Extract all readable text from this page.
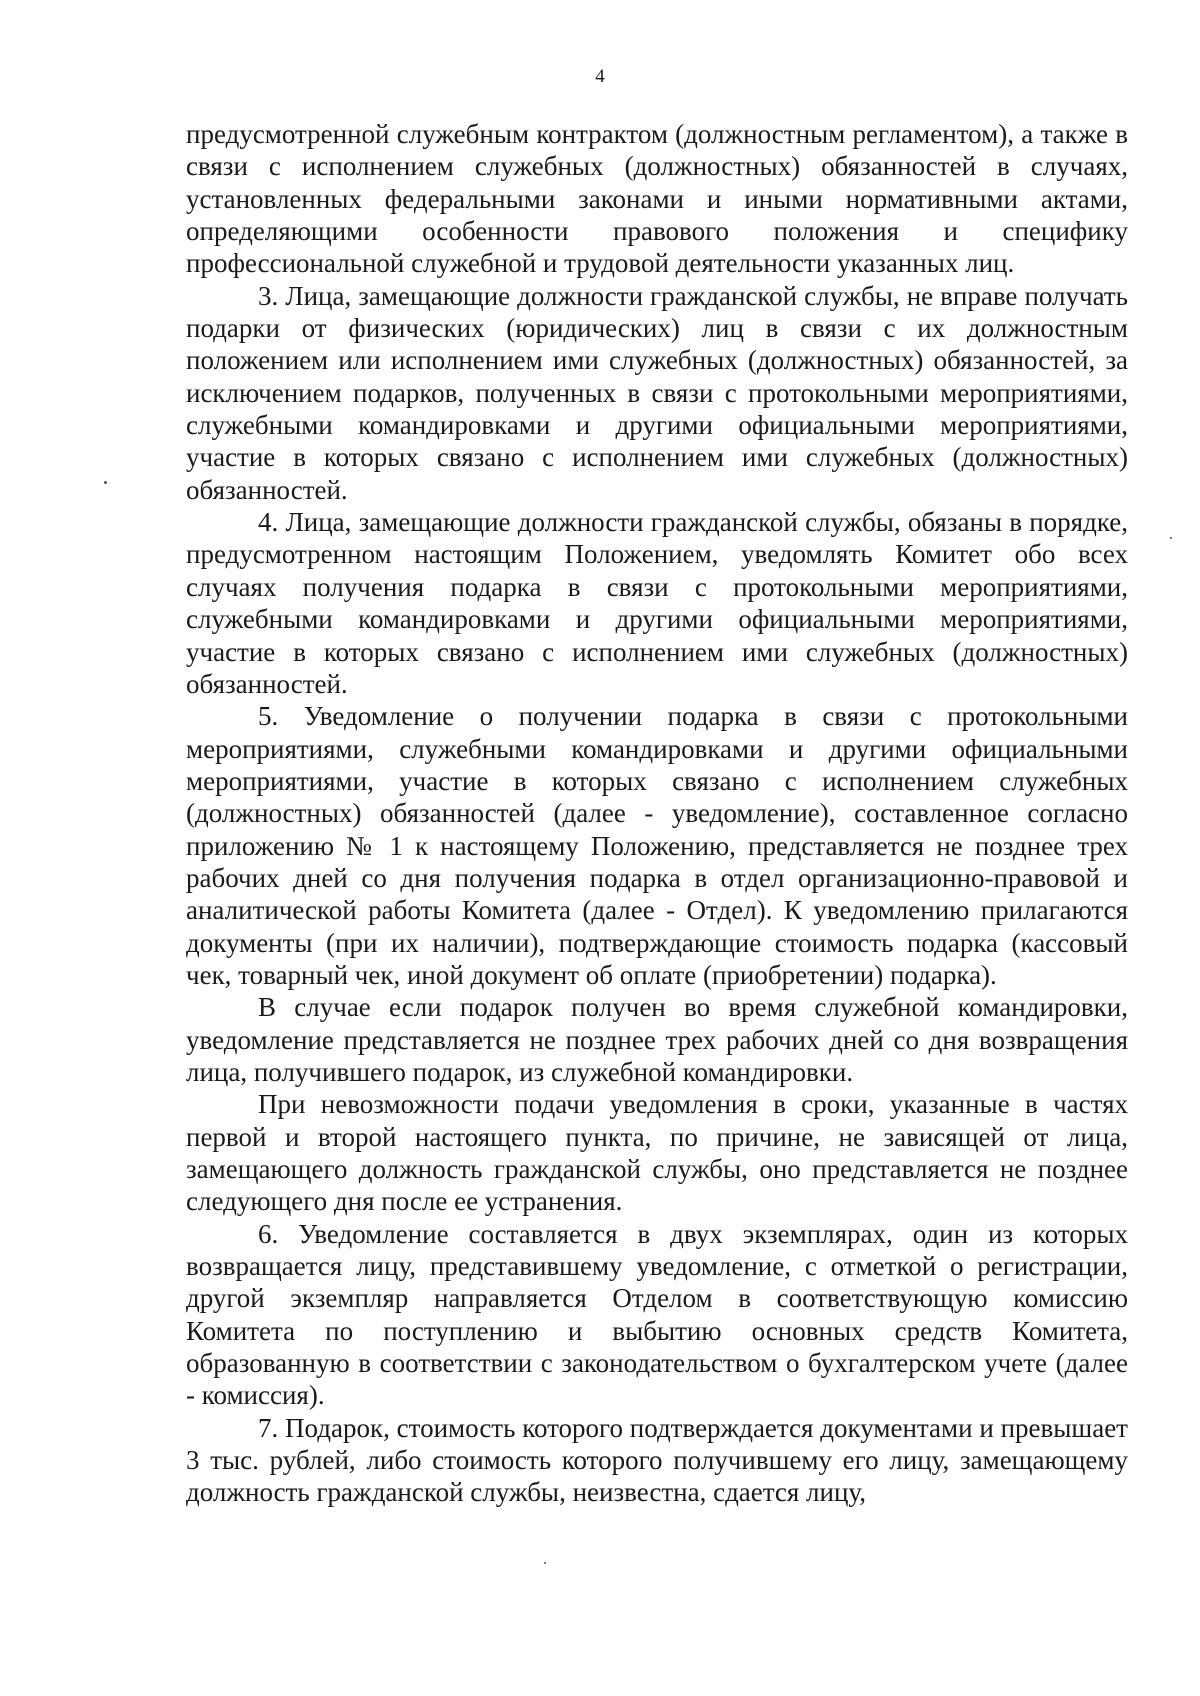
4

предусмотренной служебным контрактом (должностным регламентом), а также в связи с исполнением служебных (должностных) обязанностей в случаях, установленных федеральными законами и иными нормативными актами, определяющими особенности правового положения и специфику профессиональной служебной и трудовой деятельности указанных лиц.

3. Лица, замещающие должности гражданской службы, не вправе получать подарки от физических (юридических) лиц в связи с их должностным положением или исполнением ими служебных (должностных) обязанностей, за исключением подарков, полученных в связи с протокольными мероприятиями, служебными командировками и другими официальными мероприятиями, участие в которых связано с исполнением ими служебных (должностных) обязанностей.

4. Лица, замещающие должности гражданской службы, обязаны в порядке, предусмотренном настоящим Положением, уведомлять Комитет обо всех случаях получения подарка в связи с протокольными мероприятиями, служебными командировками и другими официальными мероприятиями, участие в которых связано с исполнением ими служебных (должностных) обязанностей.

5. Уведомление о получении подарка в связи с протокольными мероприятиями, служебными командировками и другими официальными мероприятиями, участие в которых связано с исполнением служебных (должностных) обязанностей (далее - уведомление), составленное согласно приложению № 1 к настоящему Положению, представляется не позднее трех рабочих дней со дня получения подарка в отдел организационно-правовой и аналитической работы Комитета (далее - Отдел). К уведомлению прилагаются документы (при их наличии), подтверждающие стоимость подарка (кассовый чек, товарный чек, иной документ об оплате (приобретении) подарка).

В случае если подарок получен во время служебной командировки, уведомление представляется не позднее трех рабочих дней со дня возвращения лица, получившего подарок, из служебной командировки.

При невозможности подачи уведомления в сроки, указанные в частях первой и второй настоящего пункта, по причине, не зависящей от лица, замещающего должность гражданской службы, оно представляется не позднее следующего дня после ее устранения.

6. Уведомление составляется в двух экземплярах, один из которых возвращается лицу, представившему уведомление, с отметкой о регистрации, другой экземпляр направляется Отделом в соответствующую комиссию Комитета по поступлению и выбытию основных средств Комитета, образованную в соответствии с законодательством о бухгалтерском учете (далее - комиссия).

7. Подарок, стоимость которого подтверждается документами и превышает 3 тыс. рублей, либо стоимость которого получившему его лицу, замещающему должность гражданской службы, неизвестна, сдается лицу,
